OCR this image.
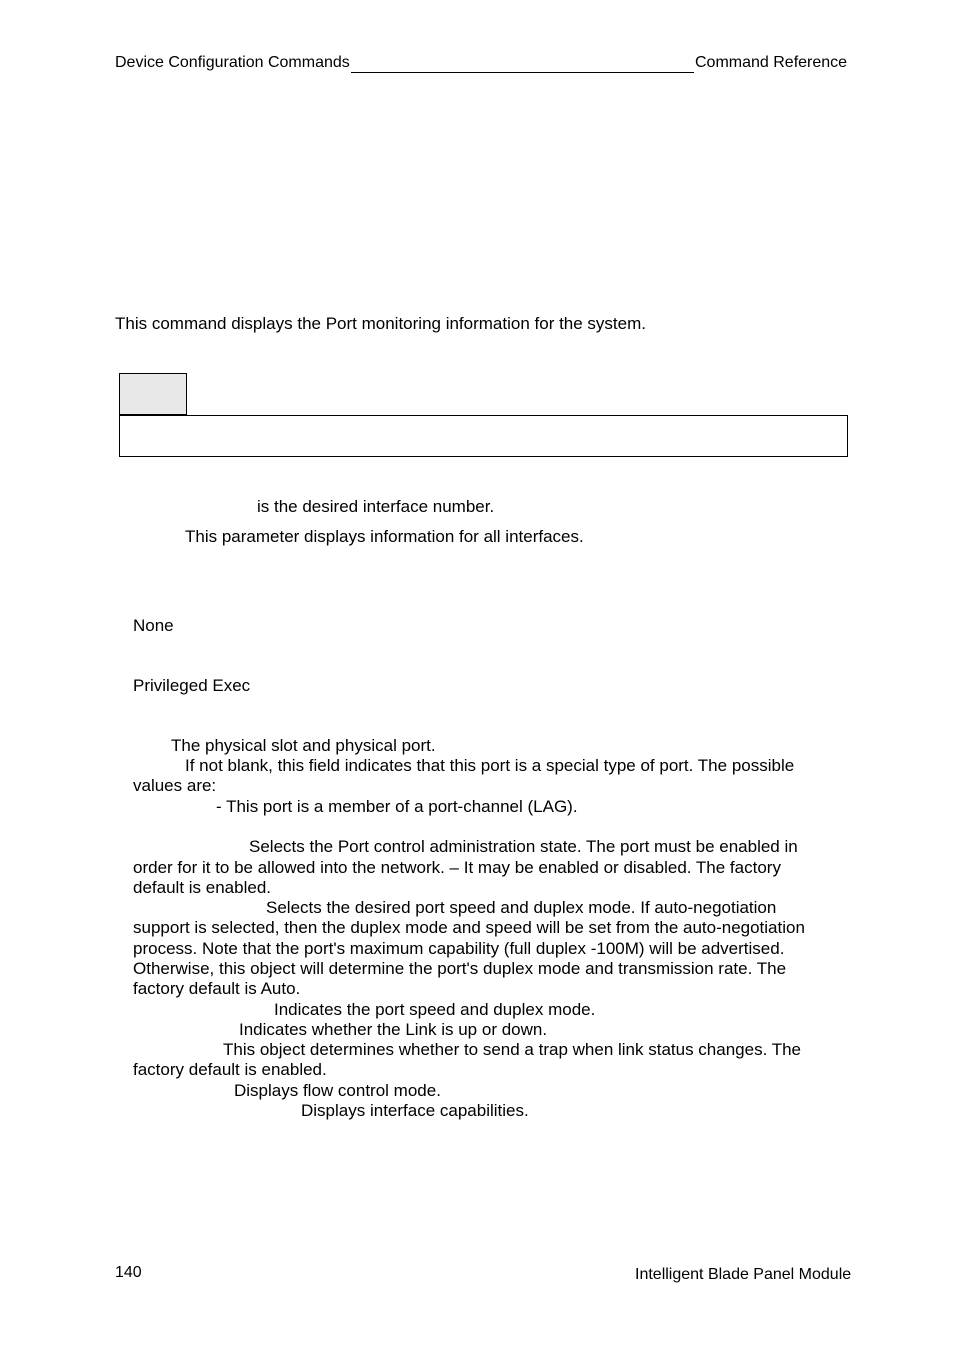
Device Configuration Commands	Command Reference
This command displays the Port monitoring information for the system.
is the desired interface number.
This parameter displays information for all interfaces.
None
Privileged Exec
The physical slot and physical port.
If not blank, this field indicates that this port is a special type of port. The possible
values are:
- This port is a member of a port-channel (LAG).
Selects the Port control administration state. The port must be enabled in
order for it to be allowed into the network. – It may be enabled or disabled. The factory
default is enabled.
Selects the desired port speed and duplex mode. If auto-negotiation
support is selected, then the duplex mode and speed will be set from the auto-negotiation
process. Note that the port's maximum capability (full duplex -100M) will be advertised.
Otherwise, this object will determine the port's duplex mode and transmission rate. The
factory default is Auto.
Indicates the port speed and duplex mode.
Indicates whether the Link is up or down.
This object determines whether to send a trap when link status changes. The
factory default is enabled.
Displays flow control mode.
Displays interface capabilities.
140	Intelligent Blade Panel Module
